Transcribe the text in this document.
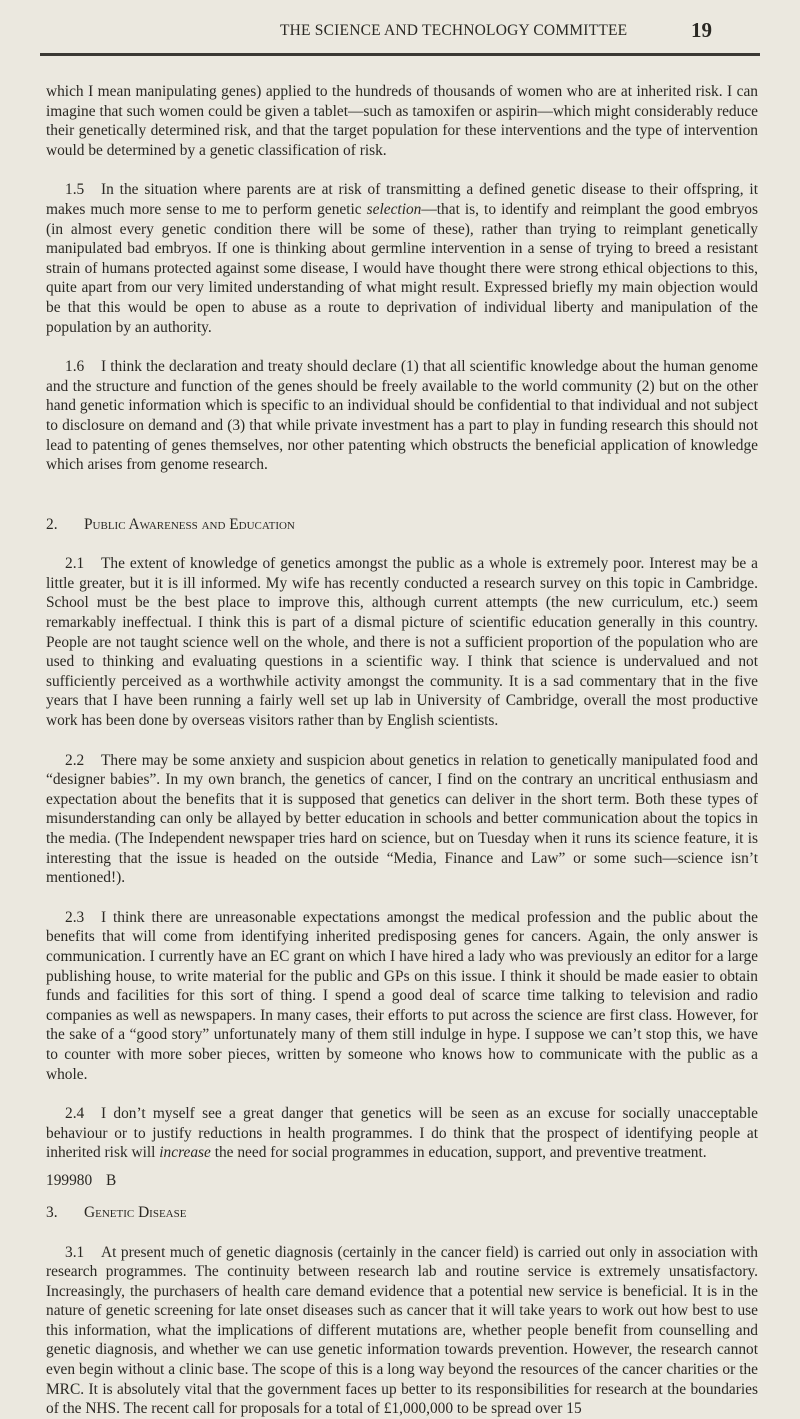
THE SCIENCE AND TECHNOLOGY COMMITTEE	19

which I mean manipulating genes) applied to the hundreds of thousands of women who are at inherited risk. I can imagine that such women could be given a tablet—such as tamoxifen or aspirin—which might considerably reduce their genetically determined risk, and that the target population for these interventions and the type of intervention would be determined by a genetic classification of risk.

1.5 In the situation where parents are at risk of transmitting a defined genetic disease to their offspring, it makes much more sense to me to perform genetic selection—that is, to identify and reimplant the good embryos (in almost every genetic condition there will be some of these), rather than trying to reimplant genetically manipulated bad embryos. If one is thinking about germline intervention in a sense of trying to breed a resistant strain of humans protected against some disease, I would have thought there were strong ethical objections to this, quite apart from our very limited understanding of what might result. Expressed briefly my main objection would be that this would be open to abuse as a route to deprivation of individual liberty and manipulation of the population by an authority.

1.6 I think the declaration and treaty should declare (1) that all scientific knowledge about the human genome and the structure and function of the genes should be freely available to the world community (2) but on the other hand genetic information which is specific to an individual should be confidential to that individual and not subject to disclosure on demand and (3) that while private investment has a part to play in funding research this should not lead to patenting of genes themselves, nor other patenting which obstructs the beneficial application of knowledge which arises from genome research.

2. Public Awareness and Education

2.1 The extent of knowledge of genetics amongst the public as a whole is extremely poor. Interest may be a little greater, but it is ill informed. My wife has recently conducted a research survey on this topic in Cambridge. School must be the best place to improve this, although current attempts (the new curriculum, etc.) seem remarkably ineffectual. I think this is part of a dismal picture of scientific education generally in this country. People are not taught science well on the whole, and there is not a sufficient proportion of the population who are used to thinking and evaluating questions in a scientific way. I think that science is undervalued and not sufficiently perceived as a worthwhile activity amongst the community. It is a sad commentary that in the five years that I have been running a fairly well set up lab in University of Cambridge, overall the most productive work has been done by overseas visitors rather than by English scientists.

2.2 There may be some anxiety and suspicion about genetics in relation to genetically manipulated food and “designer babies”. In my own branch, the genetics of cancer, I find on the contrary an uncritical enthusiasm and expectation about the benefits that it is supposed that genetics can deliver in the short term. Both these types of misunderstanding can only be allayed by better education in schools and better communication about the topics in the media. (The Independent newspaper tries hard on science, but on Tuesday when it runs its science feature, it is interesting that the issue is headed on the outside “Media, Finance and Law” or some such—science isn’t mentioned!).

2.3 I think there are unreasonable expectations amongst the medical profession and the public about the benefits that will come from identifying inherited predisposing genes for cancers. Again, the only answer is communication. I currently have an EC grant on which I have hired a lady who was previously an editor for a large publishing house, to write material for the public and GPs on this issue. I think it should be made easier to obtain funds and facilities for this sort of thing. I spend a good deal of scarce time talking to television and radio companies as well as newspapers. In many cases, their efforts to put across the science are first class. However, for the sake of a “good story” unfortunately many of them still indulge in hype. I suppose we can’t stop this, we have to counter with more sober pieces, written by someone who knows how to communicate with the public as a whole.

2.4 I don’t myself see a great danger that genetics will be seen as an excuse for socially unacceptable behaviour or to justify reductions in health programmes. I do think that the prospect of identifying people at inherited risk will increase the need for social programmes in education, support, and preventive treatment.

3. Genetic Disease

3.1 At present much of genetic diagnosis (certainly in the cancer field) is carried out only in association with research programmes. The continuity between research lab and routine service is extremely unsatisfactory. Increasingly, the purchasers of health care demand evidence that a potential new service is beneficial. It is in the nature of genetic screening for late onset diseases such as cancer that it will take years to work out how best to use this information, what the implications of different mutations are, whether people benefit from counselling and genetic diagnosis, and whether we can use genetic information towards prevention. However, the research cannot even begin without a clinic base. The scope of this is a long way beyond the resources of the cancer charities or the MRC. It is absolutely vital that the government faces up better to its responsibilities for research at the boundaries of the NHS. The recent call for proposals for a total of £1,000,000 to be spread over 15

199980 B
